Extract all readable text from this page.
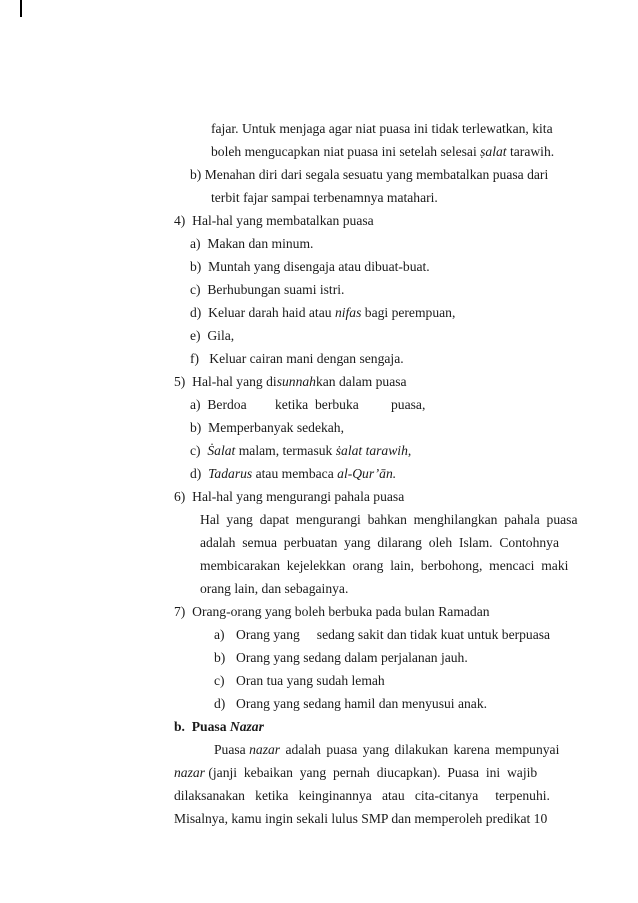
fajar. Untuk menjaga agar niat puasa ini tidak terlewatkan, kita

boleh mengucapkan niat puasa ini setelah selesai ṣalat tarawih.

b) Menahan diri dari segala sesuatu yang membatalkan puasa dari

terbit fajar sampai terbenamnya matahari.

4)  Hal-hal yang membatalkan puasa

a)  Makan dan minum.

b)  Muntah yang disengaja atau dibuat-buat.

c)  Berhubungan suami istri.

d)  Keluar darah haid atau nifas bagi perempuan,

e)  Gila,

f)   Keluar cairan mani dengan sengaja.

5)  Hal-hal yang disunnahkan dalam puasa

a)  Berdoa ketika  berbuka puasa,

b)  Memperbanyak sedekah,

c)  Ṡalat malam, termasuk ṡalat tarawih,

d)  Tadarus atau membaca al-Qur’ān.

6)  Hal-hal yang mengurangi pahala puasa

Hal  yang  dapat  mengurangi  bahkan  menghilangkan  pahala  puasa

adalah  semua  perbuatan  yang  dilarang  oleh  Islam.  Contohnya

membicarakan  kejelekkan  orang  lain,  berbohong,  mencaci  maki

orang lain, dan sebagainya.

7)  Orang-orang yang boleh berbuka pada bulan Ramadan

a) Orang yang     sedang sakit dan tidak kuat untuk berpuasa

b) Orang yang sedang dalam perjalanan jauh.

c) Oran tua yang sudah lemah

d) Orang yang sedang hamil dan menyusui anak.

b.  Puasa Nazar

Puasa nazar adalah puasa yang dilakukan karena mempunyai

nazar (janji  kebaikan  yang  pernah  diucapkan).  Puasa  ini  wajib

dilaksanakan   ketika   keinginannya   atau   cita-citanya     terpenuhi.

Misalnya, kamu ingin sekali lulus SMP dan memperoleh predikat 10
